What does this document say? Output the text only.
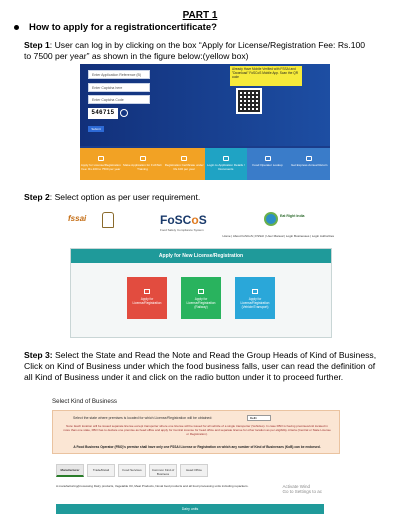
PART 1
How to apply for a registrationcertificate?
Step 1: User can log in by clicking on the box “Apply for License/Registration Fee: Rs.100 to 7500 per year” as shown in the figure below:(yellow box)
Enter Application Reference (B)
Enter Captcha here
Enter Captcha Code
546715
Submit
Already Have Mobile Verified with FSSAI and "Download" FoSCoS Mobile App. Scan the QR code
Apply for License/Registration Fee: Rs.100 to 7500 per year
Make Application for FoSTaC Training
Registration Certificate under Rs.100 per year
Login to Application Details / Documents
Food Operator Lookup	Get Express Annual Return
Step 2: Select option as per user requirement.
fssai	FoSCoS
Food Safety Compliance System
Eat Right India
Home | About FoSCoS | FSSAI | User Manual | Login Businesses | Login Authorities
Apply for New License/Registration
Apply for License/Registration
Apply for License/Registration (Railway)
Apply for License/Registration (Vehicle/Transport)
Step 3: Select the State and Read the Note and Read the Group Heads of Kind of Business, Click on Kind of Business under which the food business falls, user can read the definition of all Kind of Business under it and click on the radio button under it to proceed further.
Select Kind of Business
Select the state where premises is located for which License/Registration will be obtained:	Delhi
Note: Each location will be issued separate license except transporter where one license will be issued for all vehicle of a single transporter (Vehicles). In case FBO is having premises/unit located in more than one state, FBO has to declare one premise as head office and apply for Central License for head office and separate license for other location as per eligibility criteria (Central or State License or Registration).
A Food Business Operator (FBO)'s premise shall have only one FSSAI License or Registration on which any number of Kind of Businesses (KoB) can be endorsed.
Manufacturer	Trade/Retail	Food Services	Common Kind of Business
Head Office
A manufacturing/processing Dairy products, Vegetable Oil, Meat Products, Noval food products and all food processing units including repackers.
Dairy units
Activate Wind
Go to Settings to ac
